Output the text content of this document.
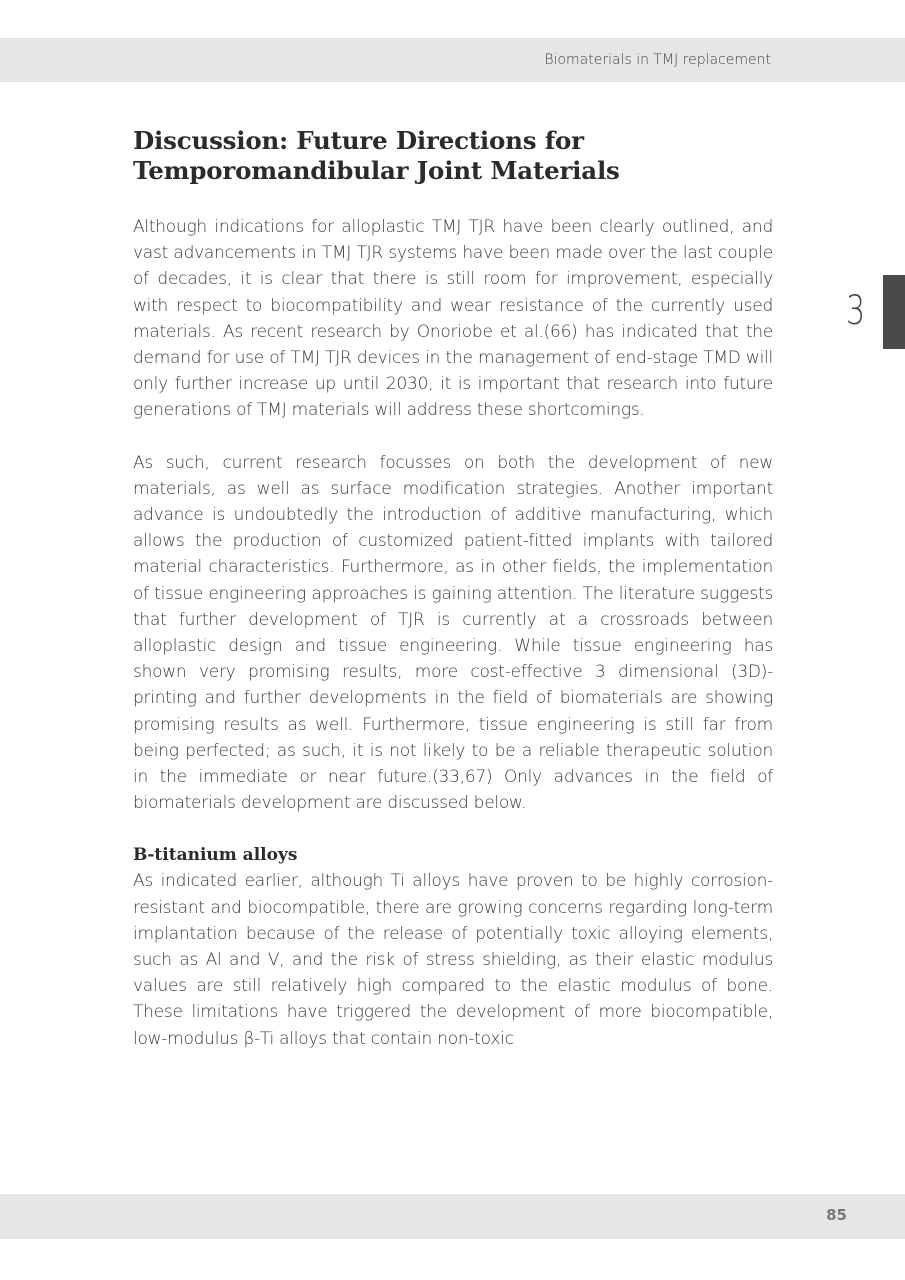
Biomaterials in TMJ replacement
3
Discussion: Future Directions for
Temporomandibular Joint Materials

Although indications for alloplastic TMJ TJR have been clearly outlined, and vast advancements in TMJ TJR systems have been made over the last couple of decades, it is clear that there is still room for improvement, especially with respect to biocompatibility and wear resistance of the currently used materials. As recent research by Onoriobe et al.(66) has indicated that the demand for use of TMJ TJR devices in the management of end-stage TMD will only further increase up until 2030, it is important that research into future generations of TMJ materials will address these shortcomings.

As such, current research focusses on both the development of new materials, as well as surface modification strategies. Another important advance is undoubtedly the introduction of additive manufacturing, which allows the production of customized patient-fitted implants with tailored material characteristics. Furthermore, as in other fields, the implementation of tissue engineering approaches is gaining attention. The literature suggests that further development of TJR is currently at a crossroads between alloplastic design and tissue engineering. While tissue engineering has shown very promising results, more cost-effective 3 dimensional (3D)-printing and further developments in the field of biomaterials are showing promising results as well. Furthermore, tissue engineering is still far from being perfected; as such, it is not likely to be a reliable therapeutic solution in the immediate or near future.(33,67) Only advances in the field of biomaterials development are discussed below.

Β-titanium alloys

As indicated earlier, although Ti alloys have proven to be highly corrosion-resistant and biocompatible, there are growing concerns regarding long-term implantation because of the release of potentially toxic alloying elements, such as Al and V, and the risk of stress shielding, as their elastic modulus values are still relatively high compared to the elastic modulus of bone. These limitations have triggered the development of more biocompatible, low-modulus β-Ti alloys that contain non-toxic

85
